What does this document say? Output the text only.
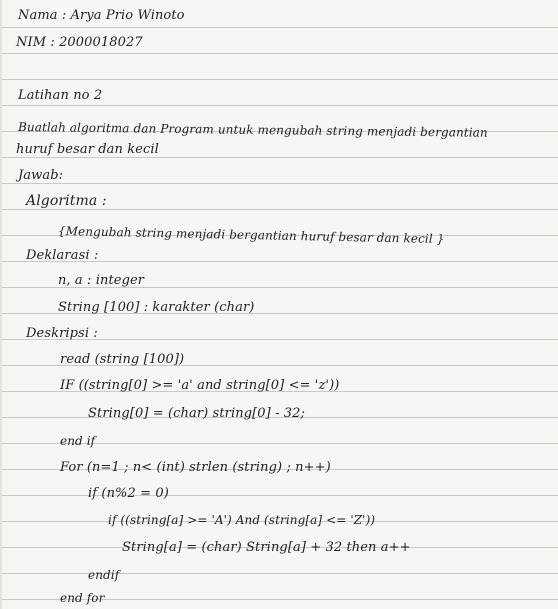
Nama : Arya Prio Winoto
NIM : 2000018027
Latihan no 2
Buatlah algoritma dan Program untuk mengubah string menjadi bergantian
huruf besar dan kecil
Jawab:
Algoritma :
{Mengubah string menjadi bergantian huruf besar dan kecil }
Deklarasi :
n, a : integer
String [100] : karakter (char)
Deskripsi :
read (string [100])
IF ((string[0] >= 'a' and string[0] <= 'z'))
String[0] = (char) string[0] - 32;
end if
For (n=1 ; n< (int) strlen (string) ; n++)
if (n%2 = 0)
if ((string[a] >= 'A') And (string[a] <= 'Z'))
String[a] = (char) String[a] + 32 then a++
endif
end for
